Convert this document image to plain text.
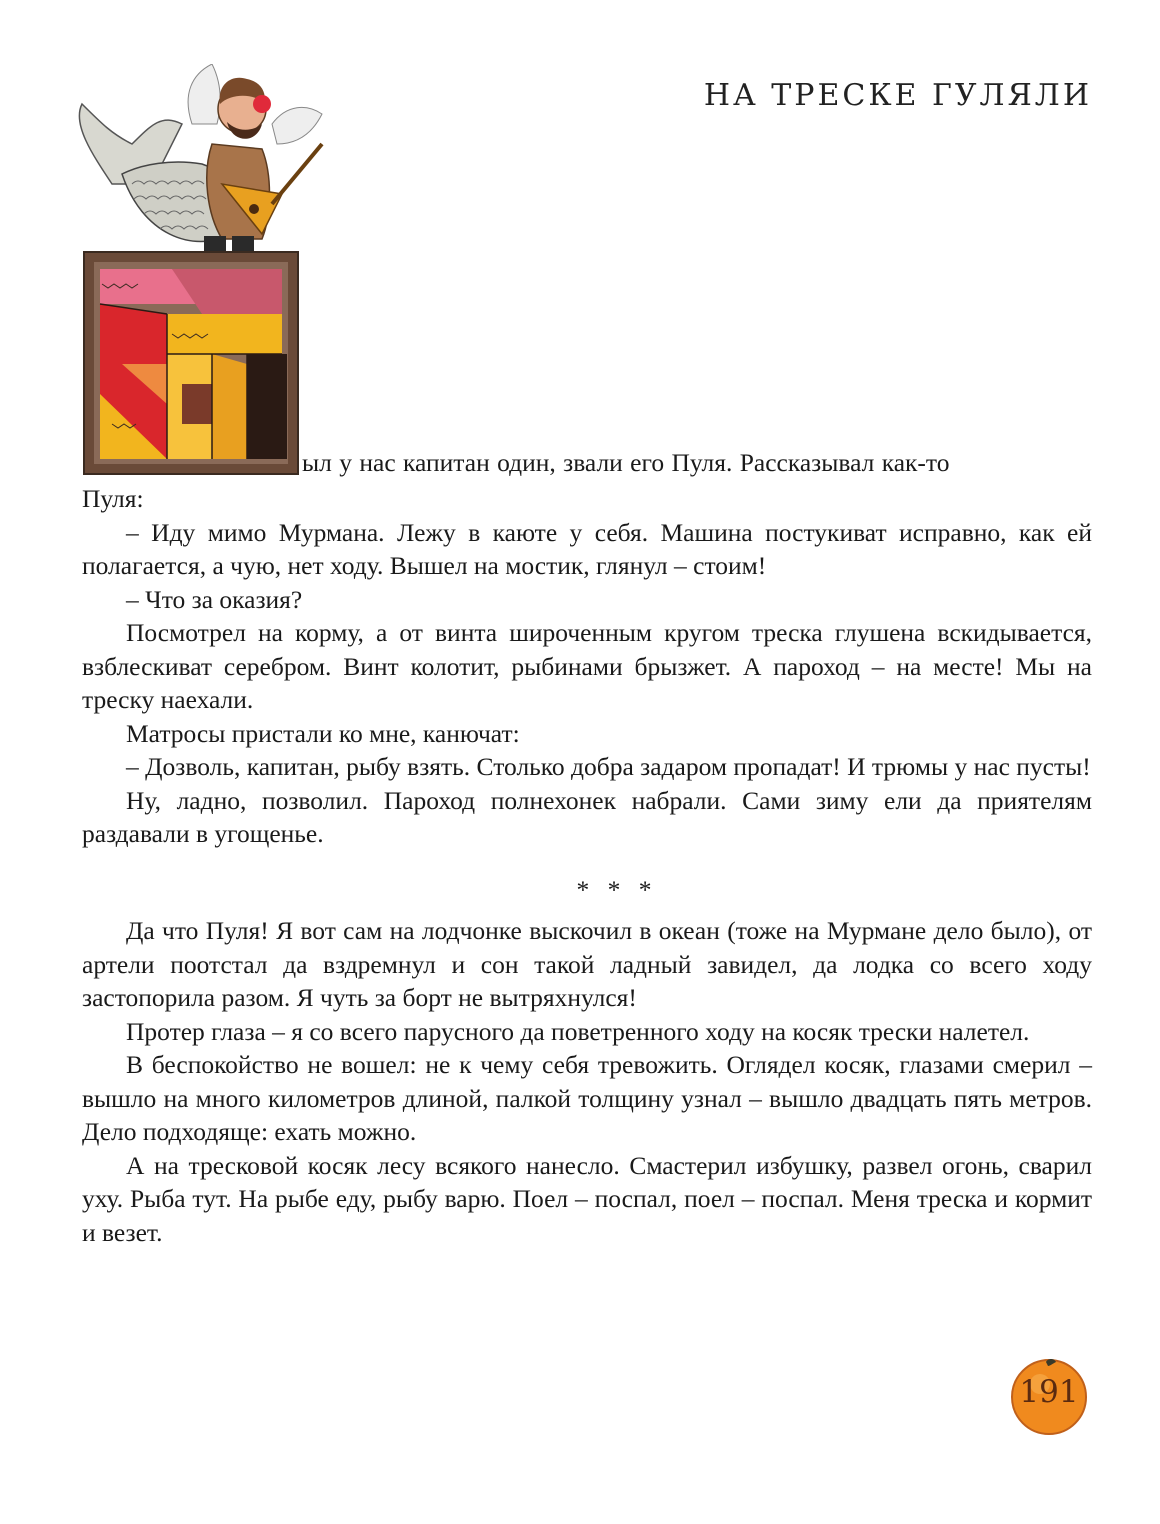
НА ТРЕСКЕ ГУЛЯЛИ
ыл у нас капитан один, звали его Пуля. Рассказывал как-то

Пуля:

– Иду мимо Мурмана. Лежу в каюте у себя. Машина постукиват исправно, как ей полагается, а чую, нет ходу. Вышел на мостик, глянул – стоим!

– Что за оказия?

Посмотрел на корму, а от винта широченным кругом треска глушена вскидывается, взблескиват серебром. Винт колотит, рыбинами брызжет. А пароход – на месте! Мы на треску наехали.

Матросы пристали ко мне, канючат:

– Дозволь, капитан, рыбу взять. Столько добра задаром пропадат! И трюмы у нас пусты!

Ну, ладно, позволил. Пароход полнехонек набрали. Сами зиму ели да приятелям раздавали в угощенье.

* * *

Да что Пуля! Я вот сам на лодчонке выскочил в океан (тоже на Мурмане дело было), от артели поотстал да вздремнул и сон такой ладный завидел, да лодка со всего ходу застопорила разом. Я чуть за борт не вытряхнулся!

Протер глаза – я со всего парусного да поветренного ходу на косяк трески налетел.

В беспокойство не вошел: не к чему себя тревожить. Оглядел косяк, глазами смерил – вышло на много километров длиной, палкой толщину узнал – вышло двадцать пять метров. Дело подходяще: ехать можно.

А на тресковой косяк лесу всякого нанесло. Смастерил избушку, развел огонь, сварил уху. Рыба тут. На рыбе еду, рыбу варю. Поел – поспал, поел – поспал. Меня треска и кормит и везет.

191
